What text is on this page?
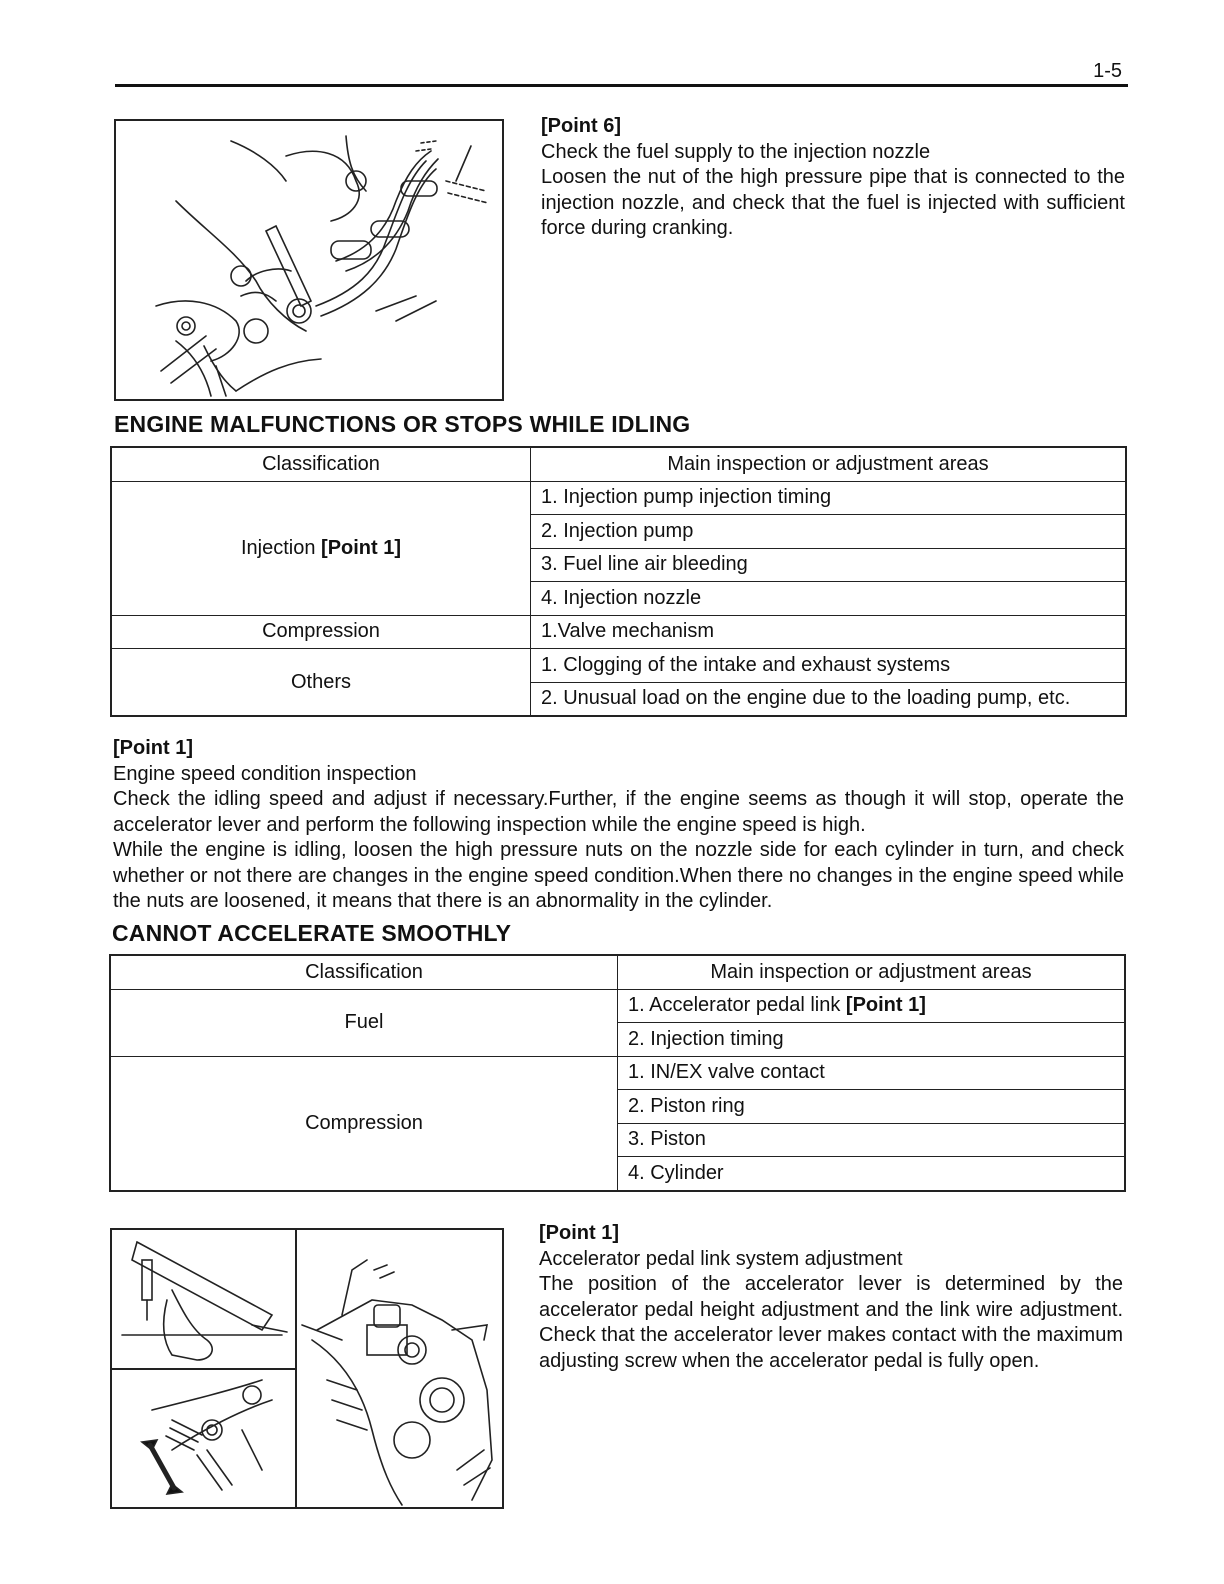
1-5
[Point 6]
Check the fuel supply to the injection nozzle
Loosen the nut of the high pressure pipe that is connected to the injection nozzle, and check that the fuel is injected with sufficient force during cranking.
ENGINE MALFUNCTIONS OR STOPS WHILE IDLING
Classification	Main inspection or adjustment areas
Injection [Point 1]	1. Injection pump injection timing
	2. Injection pump
	3. Fuel line air bleeding
	4. Injection nozzle
Compression	1.Valve mechanism
Others	1. Clogging of the intake and exhaust systems
	2. Unusual load on the engine due to the loading pump, etc.
[Point 1]
Engine speed condition inspection
Check the idling speed and adjust if necessary.Further, if the engine seems as though it will stop, operate the accelerator lever and perform the following inspection while the engine speed is high.
While the engine is idling, loosen the high pressure nuts on the nozzle side for each cylinder in turn, and check whether or not there are changes in the engine speed condition.When there no changes in the engine speed while the nuts are loosened, it means that there is an abnormality in the cylinder.
CANNOT ACCELERATE SMOOTHLY
Classification	Main inspection or adjustment areas
Fuel	1. Accelerator pedal link [Point 1]
	2. Injection timing
Compression	1. IN/EX valve contact
	2. Piston ring
	3. Piston
	4. Cylinder
[Point 1]
Accelerator pedal link system adjustment
The position of the accelerator lever is determined by the accelerator pedal height adjustment and the link wire adjustment. Check that the accelerator lever makes contact with the maximum adjusting screw when the accelerator pedal is fully open.
